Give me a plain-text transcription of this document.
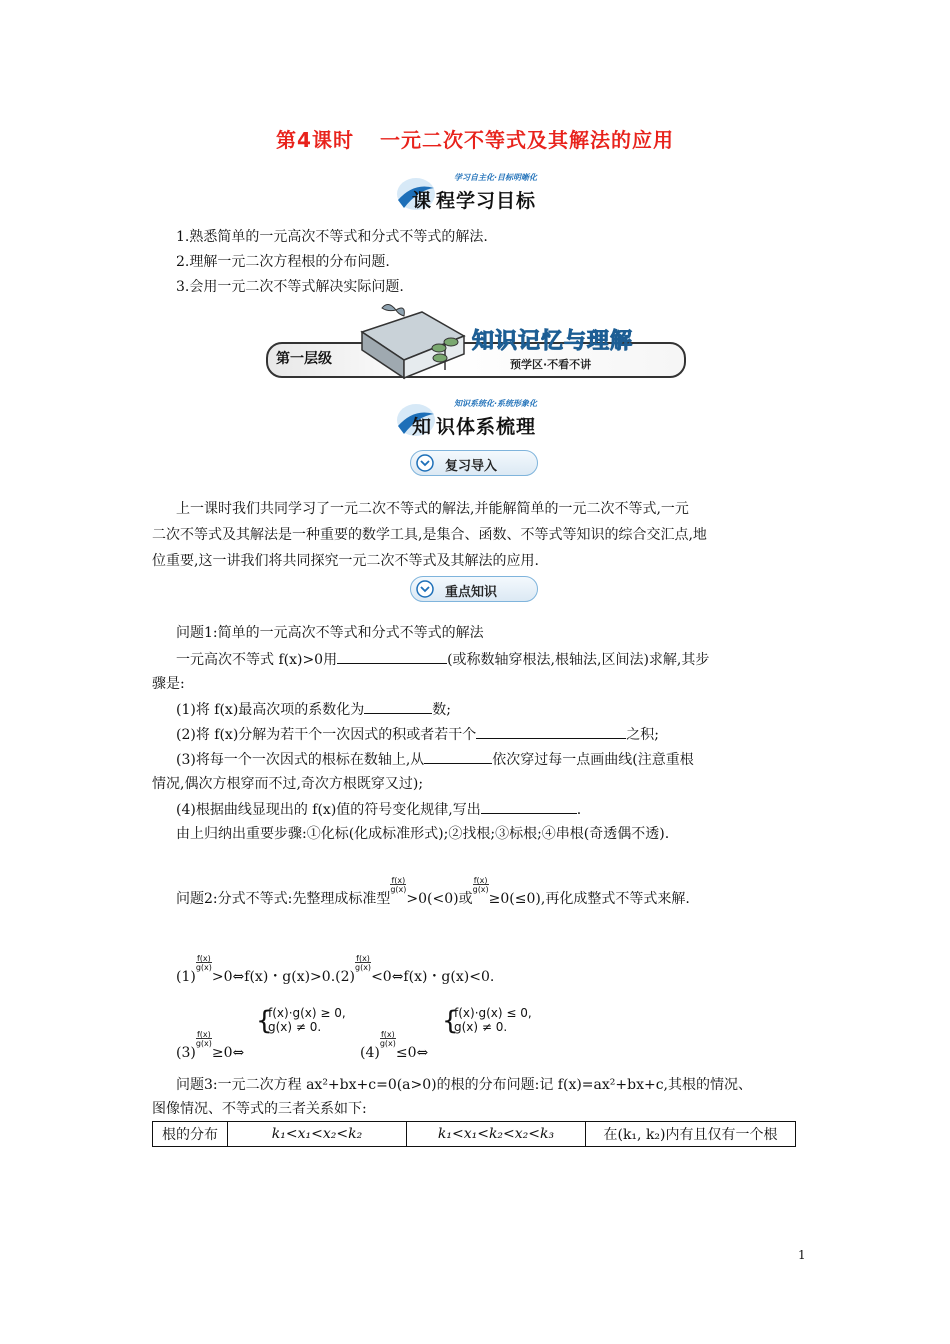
第4课时 一元二次不等式及其解法的应用
学习自主化·目标明晰化
课 程学习目标
1.熟悉简单的一元高次不等式和分式不等式的解法.
2.理解一元二次方程根的分布问题.
3.会用一元二次不等式解决实际问题.
第一层级
知识记忆与理解
预学区·不看不讲
知识系统化·系统形象化
知 识体系梳理
复习导入
上一课时我们共同学习了一元二次不等式的解法,并能解简单的一元二次不等式,一元
二次不等式及其解法是一种重要的数学工具,是集合、函数、不等式等知识的综合交汇点,地
位重要,这一讲我们将共同探究一元二次不等式及其解法的应用.
重点知识
问题1:简单的一元高次不等式和分式不等式的解法
一元高次不等式 f(x)>0用	(或称数轴穿根法,根轴法,区间法)求解,其步
骤是:
(1)将 f(x)最高次项的系数化为	数;
(2)将 f(x)分解为若干个一次因式的积或者若干个	之积;
(3)将每一个一次因式的根标在数轴上,从	依次穿过每一点画曲线(注意重根
情况,偶次方根穿而不过,奇次方根既穿又过);
(4)根据曲线显现出的 f(x)值的符号变化规律,写出	.
由上归纳出重要步骤:①化标(化成标准形式);②找根;③标根;④串根(奇透偶不透).
问题2:分式不等式:先整理成标准型$\frac{f(x)}{g(x)}>0(<0)$或$\frac{f(x)}{g(x)}\ge 0(\le 0)$,再化成整式不等式来解.
$(1)\frac{f(x)}{g(x)}>0\Leftrightarrow f(x)$・$g(x)>0.(2)\frac{f(x)}{g(x)}<0\Leftrightarrow f(x)$・g(x)<0.
$(3)\frac{f(x)}{g(x)}\ge 0\Leftrightarrow$
{
f(x)·g(x) ≥ 0,
g(x) ≠ 0.
$(4)\frac{f(x)}{g(x)}\le 0\Leftrightarrow$
{
f(x)·g(x) ≤ 0,
g(x) ≠ 0.
问题3:一元二次方程 ax²+bx+c=0(a>0)的根的分布问题:记 f(x)=ax²+bx+c,其根的情况、
图像情况、不等式的三者关系如下:
根的分布	k₁<x₁<x₂<k₂	k₁<x₁<k₂<x₂<k₃	在(k₁, k₂)内有且仅有一个根
1
